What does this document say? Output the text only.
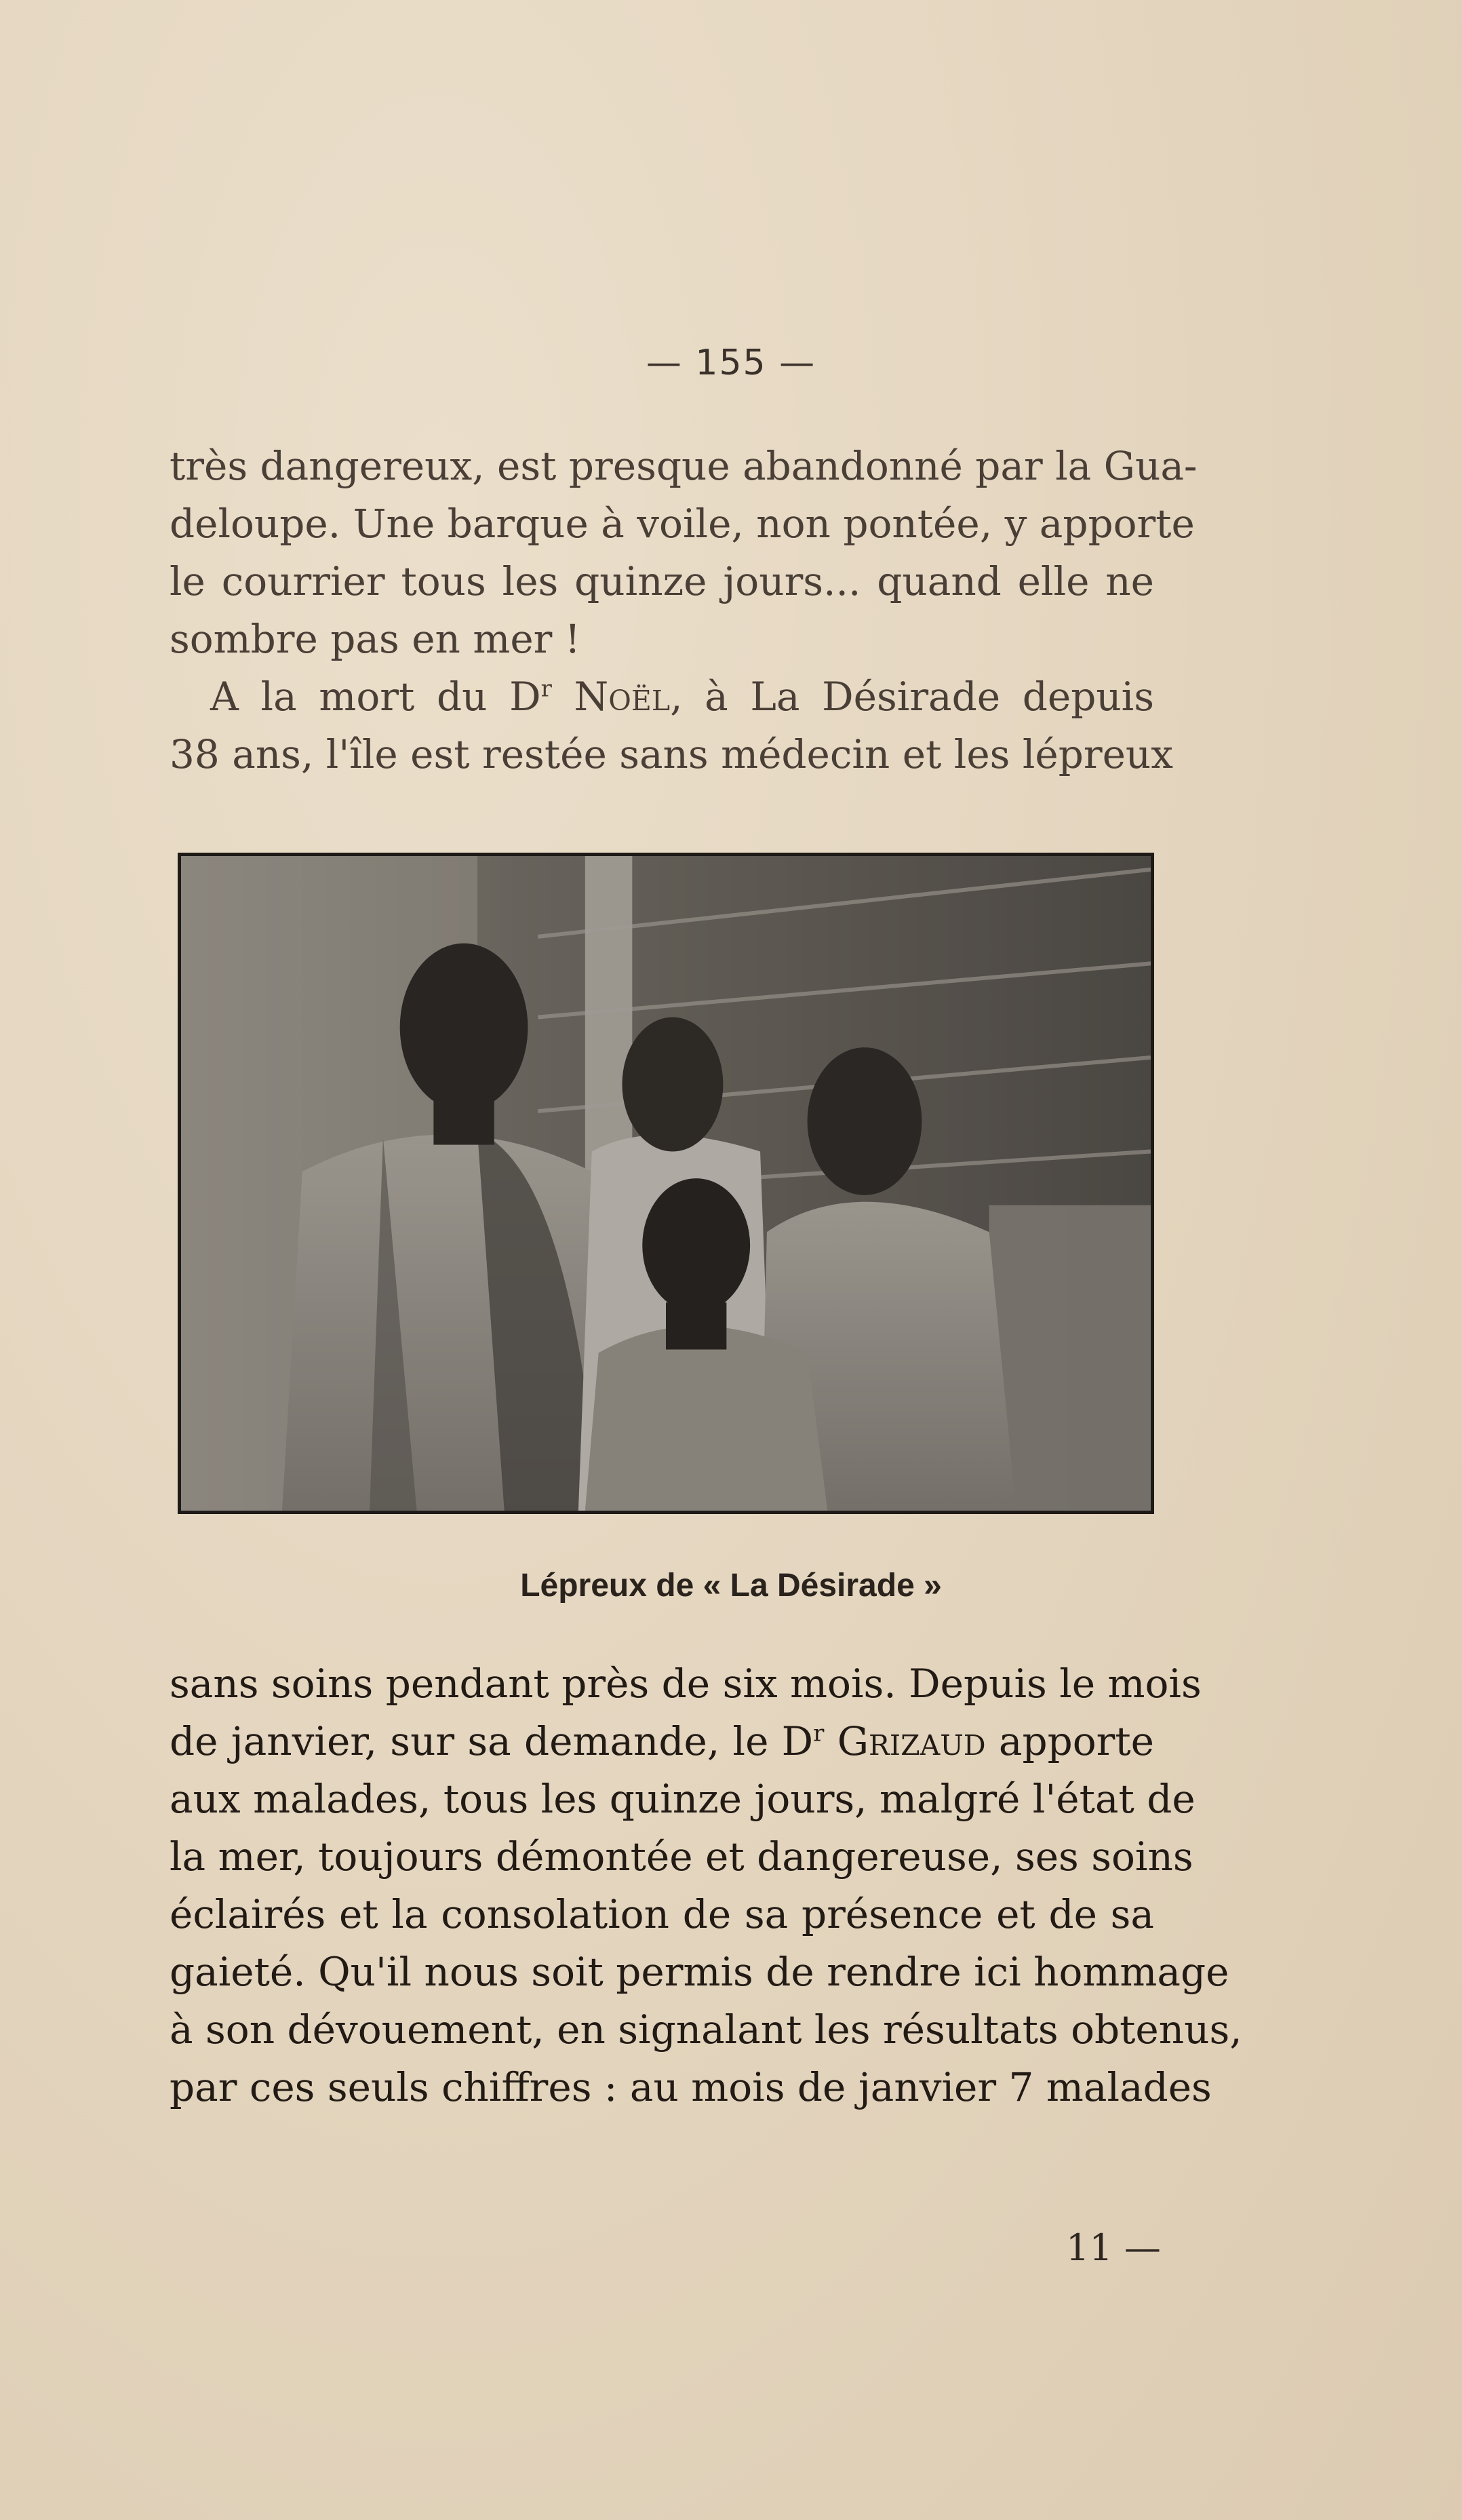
— 155 —
très dangereux, est presque abandonné par la Gua-
deloupe. Une barque à voile, non pontée, y apporte
le courrier tous les quinze jours... quand elle ne
sombre pas en mer !
A la mort du $D^r$ Noël, à La Désirade depuis
38 ans, l'île est restée sans médecin et les lépreux
Lépreux de « La Désirade »
sans soins pendant près de six mois. Depuis le mois
de janvier, sur sa demande, le $D^r$ Grizaud apporte
aux malades, tous les quinze jours, malgré l'état de
la mer, toujours démontée et dangereuse, ses soins
éclairés et la consolation de sa présence et de sa
gaieté. Qu'il nous soit permis de rendre ici hommage
à son dévouement, en signalant les résultats obtenus,
par ces seuls chiffres : au mois de janvier 7 malades
11 —
